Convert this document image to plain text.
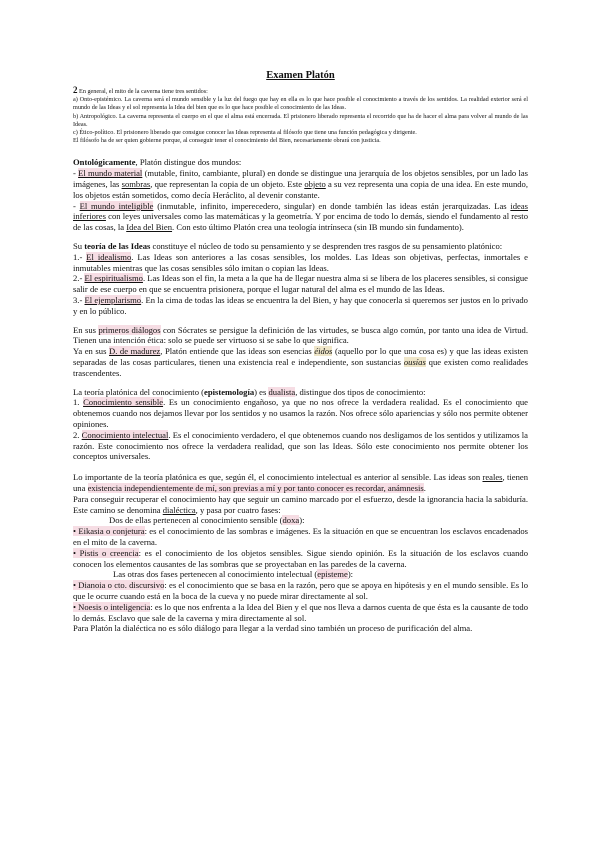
Examen Platón

2 En general, el mito de la caverna tiene tres sentidos:

a) Onto-epistémico. La caverna será el mundo sensible y la luz del fuego que hay en ella es lo que hace posible el conocimiento a través de los sentidos. La realidad exterior será el mundo de las Ideas y el sol representa la Idea del bien que es lo que hace posible el conocimiento de las Ideas.

b) Antropológico. La caverna representa el cuerpo en el que el alma está encerrada. El prisionero liberado representa el recorrido que ha de hacer el alma para volver al mundo de las Ideas.

c) Ético-político. El prisionero liberado que consigue conocer las Ideas representa al filósofo que tiene una función pedagógica y dirigente.

El filósofo ha de ser quien gobierne porque, al conseguir tener el conocimiento del Bien, necesariamente obrará con justicia.

Ontológicamente, Platón distingue dos mundos:

- El mundo material (mutable, finito, cambiante, plural) en donde se distingue una jerarquía de los objetos sensibles, por un lado las imágenes, las sombras, que representan la copia de un objeto. Este objeto a su vez representa una copia de una idea. En este mundo, los objetos están sometidos, como decía Heráclito, al devenir constante.

- El mundo inteligible (inmutable, infinito, imperecedero, singular) en donde también las ideas están jerarquizadas. Las ideas inferiores con leyes universales como las matemáticas y la geometría. Y por encima de todo lo demás, siendo el fundamento al resto de las cosas, la Idea del Bien. Con esto último Platón crea una teología intrínseca (sin IB mundo sin fundamento).

Su teoría de las Ideas constituye el núcleo de todo su pensamiento y se desprenden tres rasgos de su pensamiento platónico:

1.- El idealismo. Las Ideas son anteriores a las cosas sensibles, los moldes. Las Ideas son objetivas, perfectas, inmortales e inmutables mientras que las cosas sensibles sólo imitan o copian las Ideas.

2.- El espiritualismo. Las Ideas son el fin, la meta a la que ha de llegar nuestra alma si se libera de los placeres sensibles, si consigue salir de ese cuerpo en que se encuentra prisionera, porque el lugar natural del alma es el mundo de las Ideas.

3.- El ejemplarismo. En la cima de todas las ideas se encuentra la del Bien, y hay que conocerla si queremos ser justos en lo privado y en lo público.

En sus primeros diálogos con Sócrates se persigue la definición de las virtudes, se busca algo común, por tanto una idea de Virtud. Tienen una intención ética: solo se puede ser virtuoso si se sabe lo que significa.

Ya en sus D. de madurez, Platón entiende que las ideas son esencias éidos (aquello por lo que una cosa es) y que las ideas existen separadas de las cosas particulares, tienen una existencia real e independiente, son sustancias ousías que existen como realidades trascendentes.

La teoría platónica del conocimiento (epistemología) es dualista, distingue dos tipos de conocimiento:

1. Conocimiento sensible. Es un conocimiento engañoso, ya que no nos ofrece la verdadera realidad. Es el conocimiento que obtenemos cuando nos dejamos llevar por los sentidos y no usamos la razón. Nos ofrece sólo apariencias y sólo nos permite obtener opiniones.

2. Conocimiento intelectual. Es el conocimiento verdadero, el que obtenemos cuando nos desligamos de los sentidos y utilizamos la razón. Este conocimiento nos ofrece la verdadera realidad, que son las Ideas. Sólo este conocimiento nos permite obtener los conceptos universales.

Lo importante de la teoría platónica es que, según él, el conocimiento intelectual es anterior al sensible. Las ideas son reales, tienen una existencia independientemente de mí, son previas a mí y por tanto conocer es recordar, anámnesis.

Para conseguir recuperar el conocimiento hay que seguir un camino marcado por el esfuerzo, desde la ignorancia hacia la sabiduría. Este camino se denomina dialéctica, y pasa por cuatro fases:

Dos de ellas pertenecen al conocimiento sensible (doxa):

• Eikasia o conjetura: es el conocimiento de las sombras e imágenes. Es la situación en que se encuentran los esclavos encadenados en el mito de la caverna.

• Pistis o creencia: es el conocimiento de los objetos sensibles. Sigue siendo opinión. Es la situación de los esclavos cuando conocen los elementos causantes de las sombras que se proyectaban en las paredes de la caverna.

Las otras dos fases pertenecen al conocimiento intelectual (episteme):

• Dianoia o cto. discursivo: es el conocimiento que se basa en la razón, pero que se apoya en hipótesis y en el mundo sensible. Es lo que le ocurre cuando está en la boca de la cueva y no puede mirar directamente al sol.

• Noesis o inteligencia: es lo que nos enfrenta a la Idea del Bien y el que nos lleva a darnos cuenta de que ésta es la causante de todo lo demás. Esclavo que sale de la caverna y mira directamente al sol.

Para Platón la dialéctica no es sólo diálogo para llegar a la verdad sino también un proceso de purificación del alma.
